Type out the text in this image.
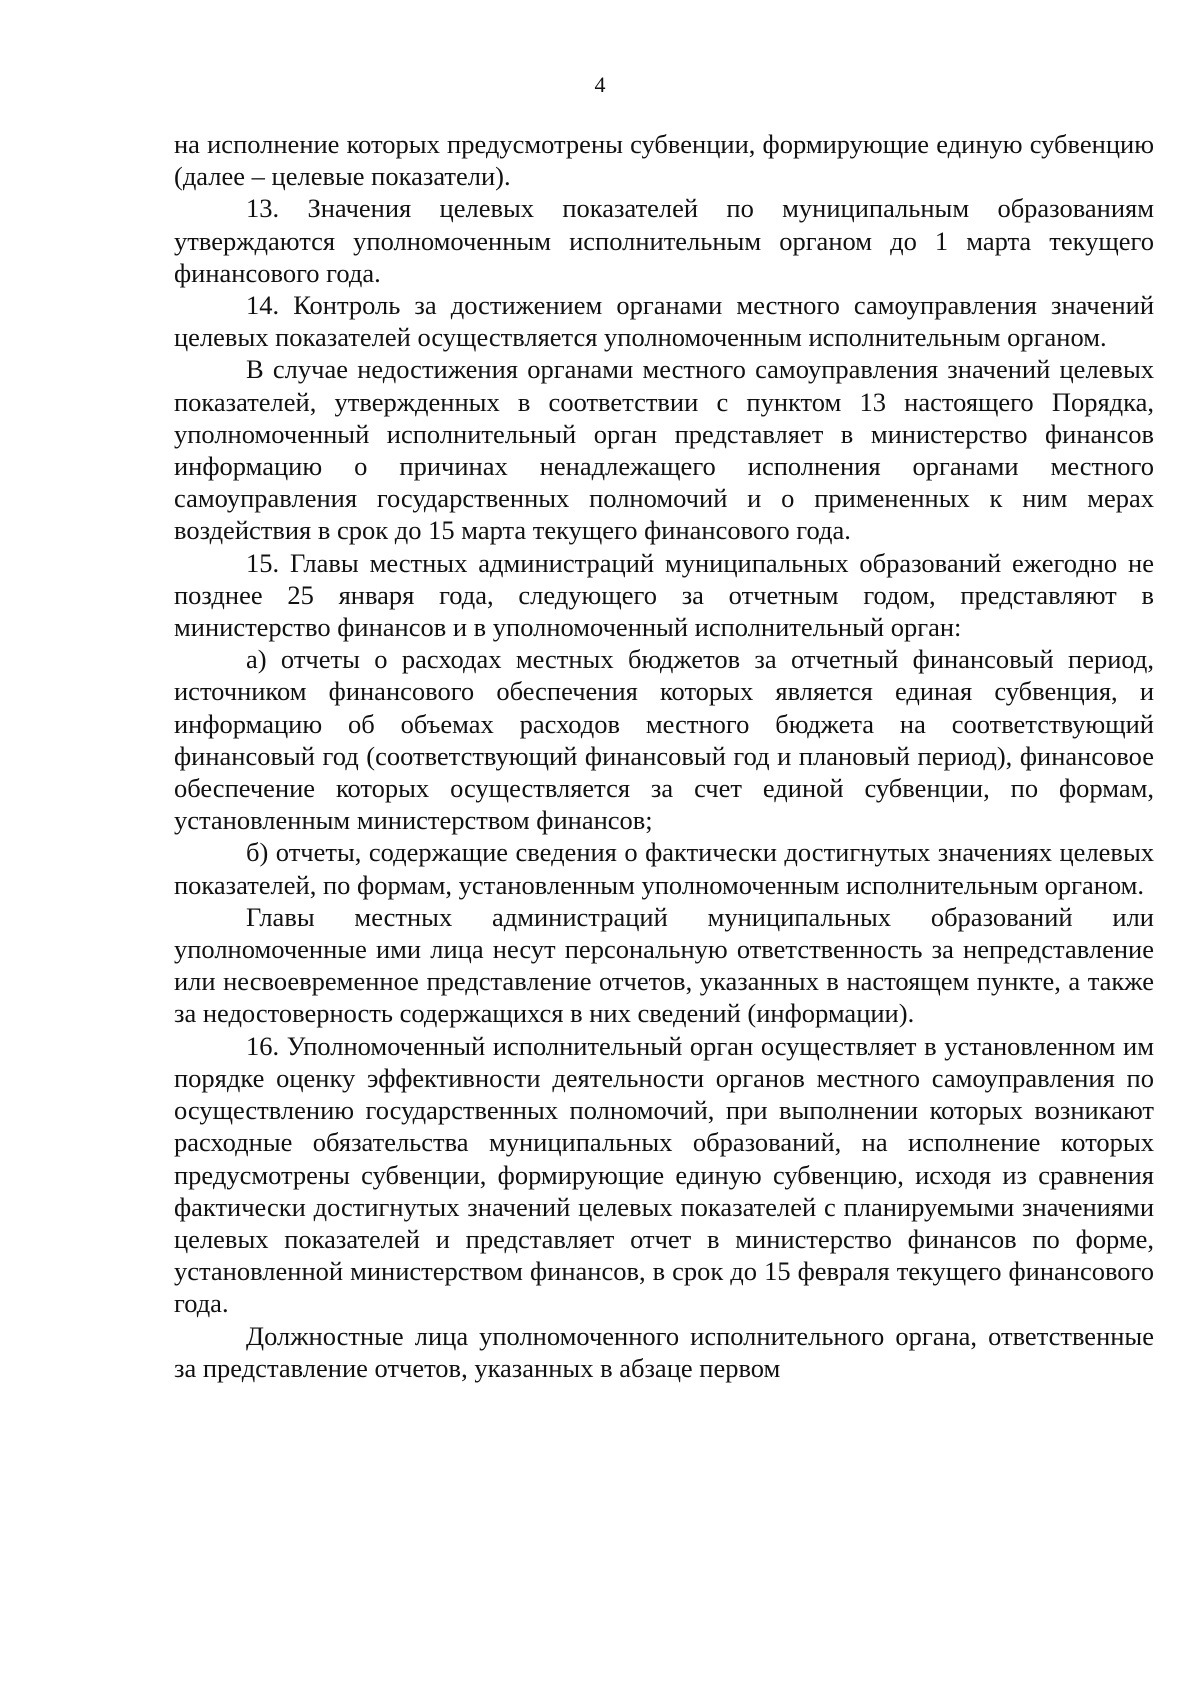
4

на исполнение которых предусмотрены субвенции, формирующие единую субвенцию (далее – целевые показатели).

13. Значения целевых показателей по муниципальным образованиям утверждаются уполномоченным исполнительным органом до 1 марта текущего финансового года.

14. Контроль за достижением органами местного самоуправления значений целевых показателей осуществляется уполномоченным исполнительным органом.

В случае недостижения органами местного самоуправления значений целевых показателей, утвержденных в соответствии с пунктом 13 настоящего Порядка, уполномоченный исполнительный орган представляет в министерство финансов информацию о причинах ненадлежащего исполнения органами местного самоуправления государственных полномочий и о примененных к ним мерах воздействия в срок до 15 марта текущего финансового года.

15. Главы местных администраций муниципальных образований ежегодно не позднее 25 января года, следующего за отчетным годом, представляют в министерство финансов и в уполномоченный исполнительный орган:

а) отчеты о расходах местных бюджетов за отчетный финансовый период, источником финансового обеспечения которых является единая субвенция, и информацию об объемах расходов местного бюджета на соответствующий финансовый год (соответствующий финансовый год и плановый период), финансовое обеспечение которых осуществляется за счет единой субвенции, по формам, установленным министерством финансов;

б) отчеты, содержащие сведения о фактически достигнутых значениях целевых показателей, по формам, установленным уполномоченным исполнительным органом.

Главы местных администраций муниципальных образований или уполномоченные ими лица несут персональную ответственность за непредставление или несвоевременное представление отчетов, указанных в настоящем пункте, а также за недостоверность содержащихся в них сведений (информации).

16. Уполномоченный исполнительный орган осуществляет в установленном им порядке оценку эффективности деятельности органов местного самоуправления по осуществлению государственных полномочий, при выполнении которых возникают расходные обязательства муниципальных образований, на исполнение которых предусмотрены субвенции, формирующие единую субвенцию, исходя из сравнения фактически достигнутых значений целевых показателей с планируемыми значениями целевых показателей и представляет отчет в министерство финансов по форме, установленной министерством финансов, в срок до 15 февраля текущего финансового года.

Должностные лица уполномоченного исполнительного органа, ответственные за представление отчетов, указанных в абзаце первом
